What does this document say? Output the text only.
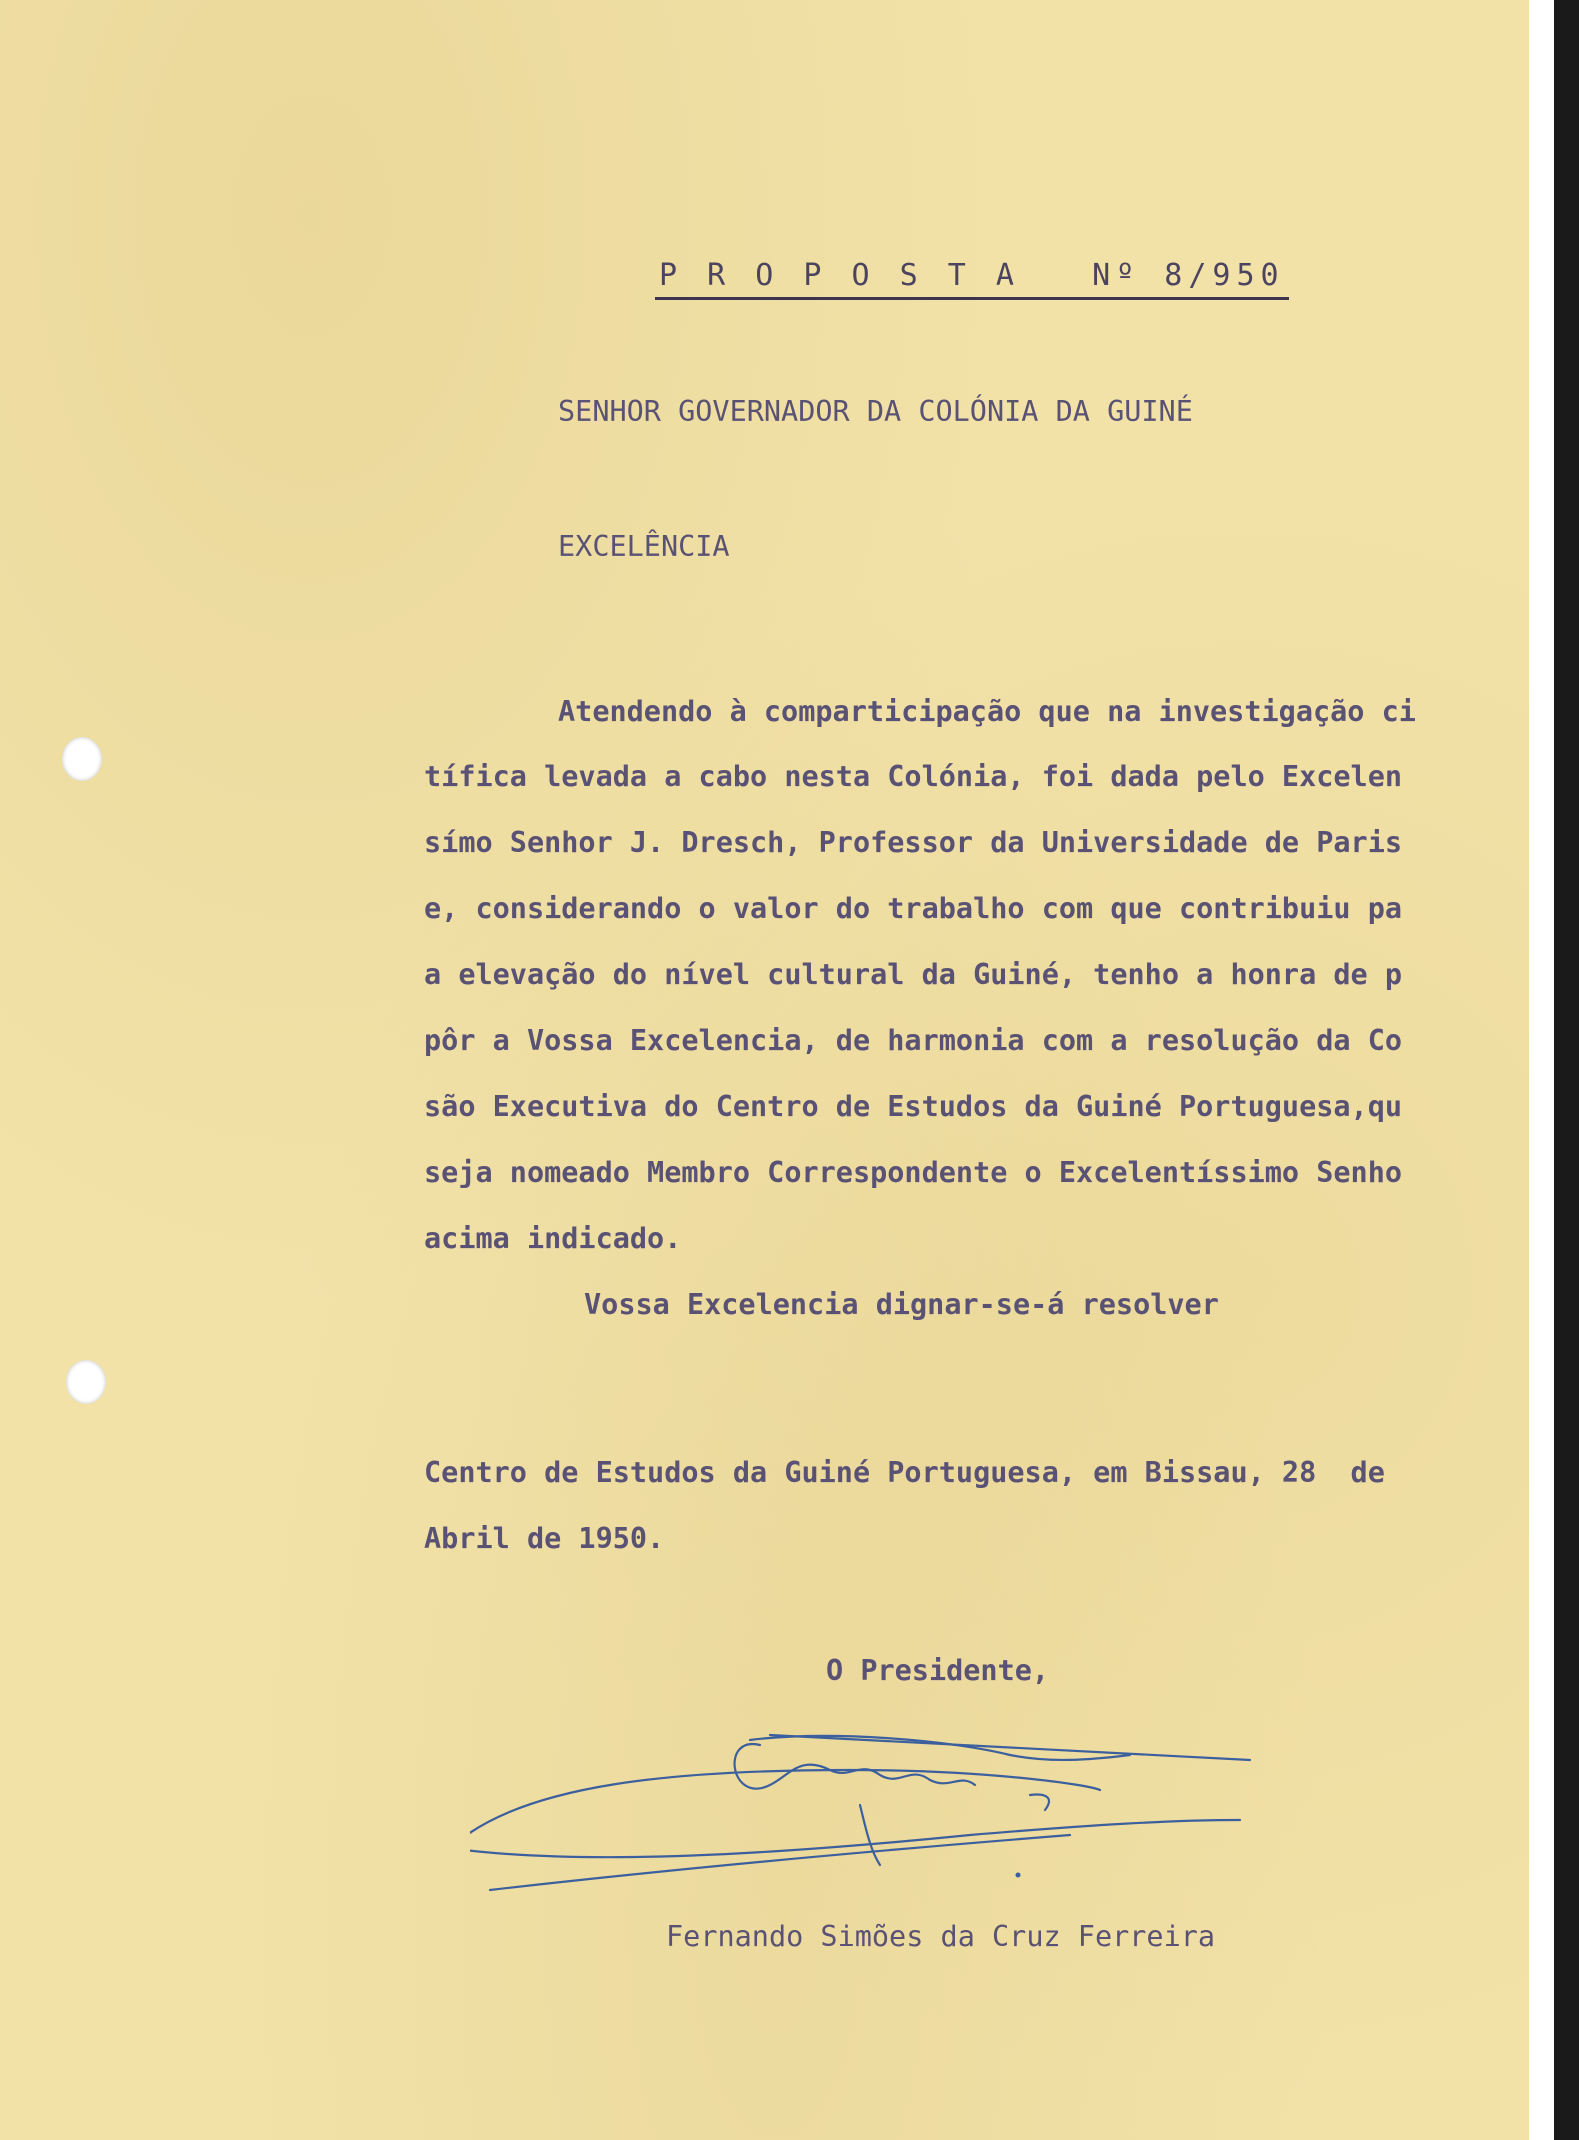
P R O P O S T A   Nº 8/950
SENHOR GOVERNADOR DA COLÓNIA DA GUINÉ
EXCELÊNCIA
Atendendo à comparticipação que na investigação ci
tífica levada a cabo nesta Colónia, foi dada pelo Excelen
símo Senhor J. Dresch, Professor da Universidade de Paris
e, considerando o valor do trabalho com que contribuiu pa
a elevação do nível cultural da Guiné, tenho a honra de p
pôr a Vossa Excelencia, de harmonia com a resolução da Co
são Executiva do Centro de Estudos da Guiné Portuguesa,qu
seja nomeado Membro Correspondente o Excelentíssimo Senho
acima indicado.
Vossa Excelencia dignar-se-á resolver
Centro de Estudos da Guiné Portuguesa, em Bissau, 28  de
Abril de 1950.
O Presidente,
Fernando Simões da Cruz Ferreira
